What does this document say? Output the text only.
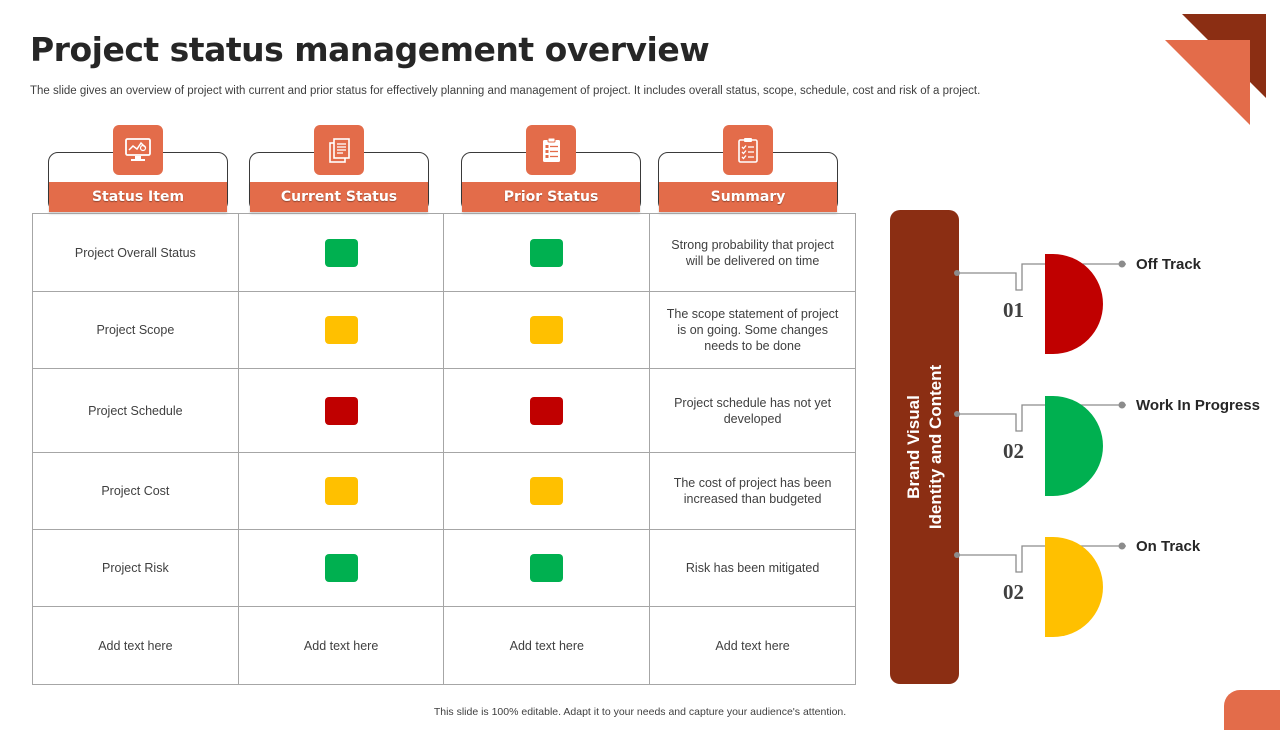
Project status management overview
The slide gives an overview of project with current and prior status for effectively planning and management of project. It includes overall status, scope, schedule, cost and risk of a project.
Status Item	Current Status	Prior Status	Summary
Project Overall Status			Strong probability that project will be delivered on time
Project Scope			The scope statement of project is on going. Some changes needs to be done
Project Schedule			Project schedule has not yet developed
Project Cost			The cost of project has been increased than budgeted
Project Risk			Risk has been mitigated
Add text here	Add text here	Add text here	Add text here
Brand Visual Identity and Content
01
02
02
Off Track
Work In Progress
On Track
This slide is 100% editable. Adapt it to your needs and capture your audience's attention.
